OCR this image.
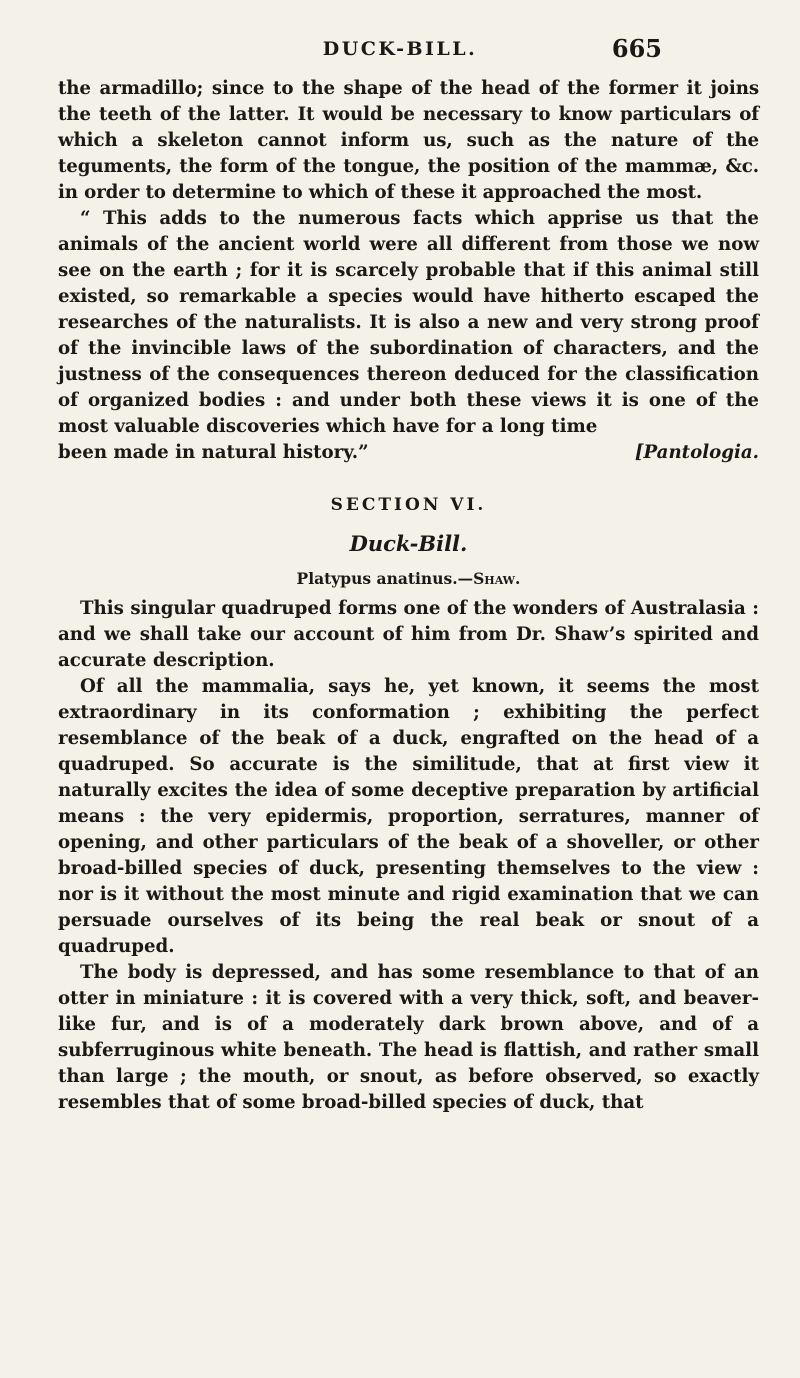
DUCK-BILL.	665

the armadillo; since to the shape of the head of the former it joins the teeth of the latter. It would be necessary to know particulars of which a skeleton cannot inform us, such as the nature of the teguments, the form of the tongue, the position of the mammæ, &c. in order to determine to which of these it approached the most.

“ This adds to the numerous facts which apprise us that the animals of the ancient world were all different from those we now see on the earth ; for it is scarcely probable that if this animal still existed, so remarkable a species would have hitherto escaped the researches of the naturalists. It is also a new and very strong proof of the invincible laws of the subordination of characters, and the justness of the consequences thereon deduced for the classification of organized bodies : and under both these views it is one of the most valuable discoveries which have for a long time

been made in natural history.”	[Pantologia.
SECTION VI.
Duck-Bill.
Platypus anatinus.—Shaw.

This singular quadruped forms one of the wonders of Australasia : and we shall take our account of him from Dr. Shaw’s spirited and accurate description.

Of all the mammalia, says he, yet known, it seems the most extraordinary in its conformation ; exhibiting the perfect resemblance of the beak of a duck, engrafted on the head of a quadruped. So accurate is the similitude, that at first view it naturally excites the idea of some deceptive preparation by artificial means : the very epidermis, proportion, serratures, manner of opening, and other particulars of the beak of a shoveller, or other broad-billed species of duck, presenting themselves to the view : nor is it without the most minute and rigid examination that we can persuade ourselves of its being the real beak or snout of a quadruped.

The body is depressed, and has some resemblance to that of an otter in miniature : it is covered with a very thick, soft, and beaver-like fur, and is of a moderately dark brown above, and of a subferruginous white beneath. The head is flattish, and rather small than large ; the mouth, or snout, as before observed, so exactly resembles that of some broad-billed species of duck, that
